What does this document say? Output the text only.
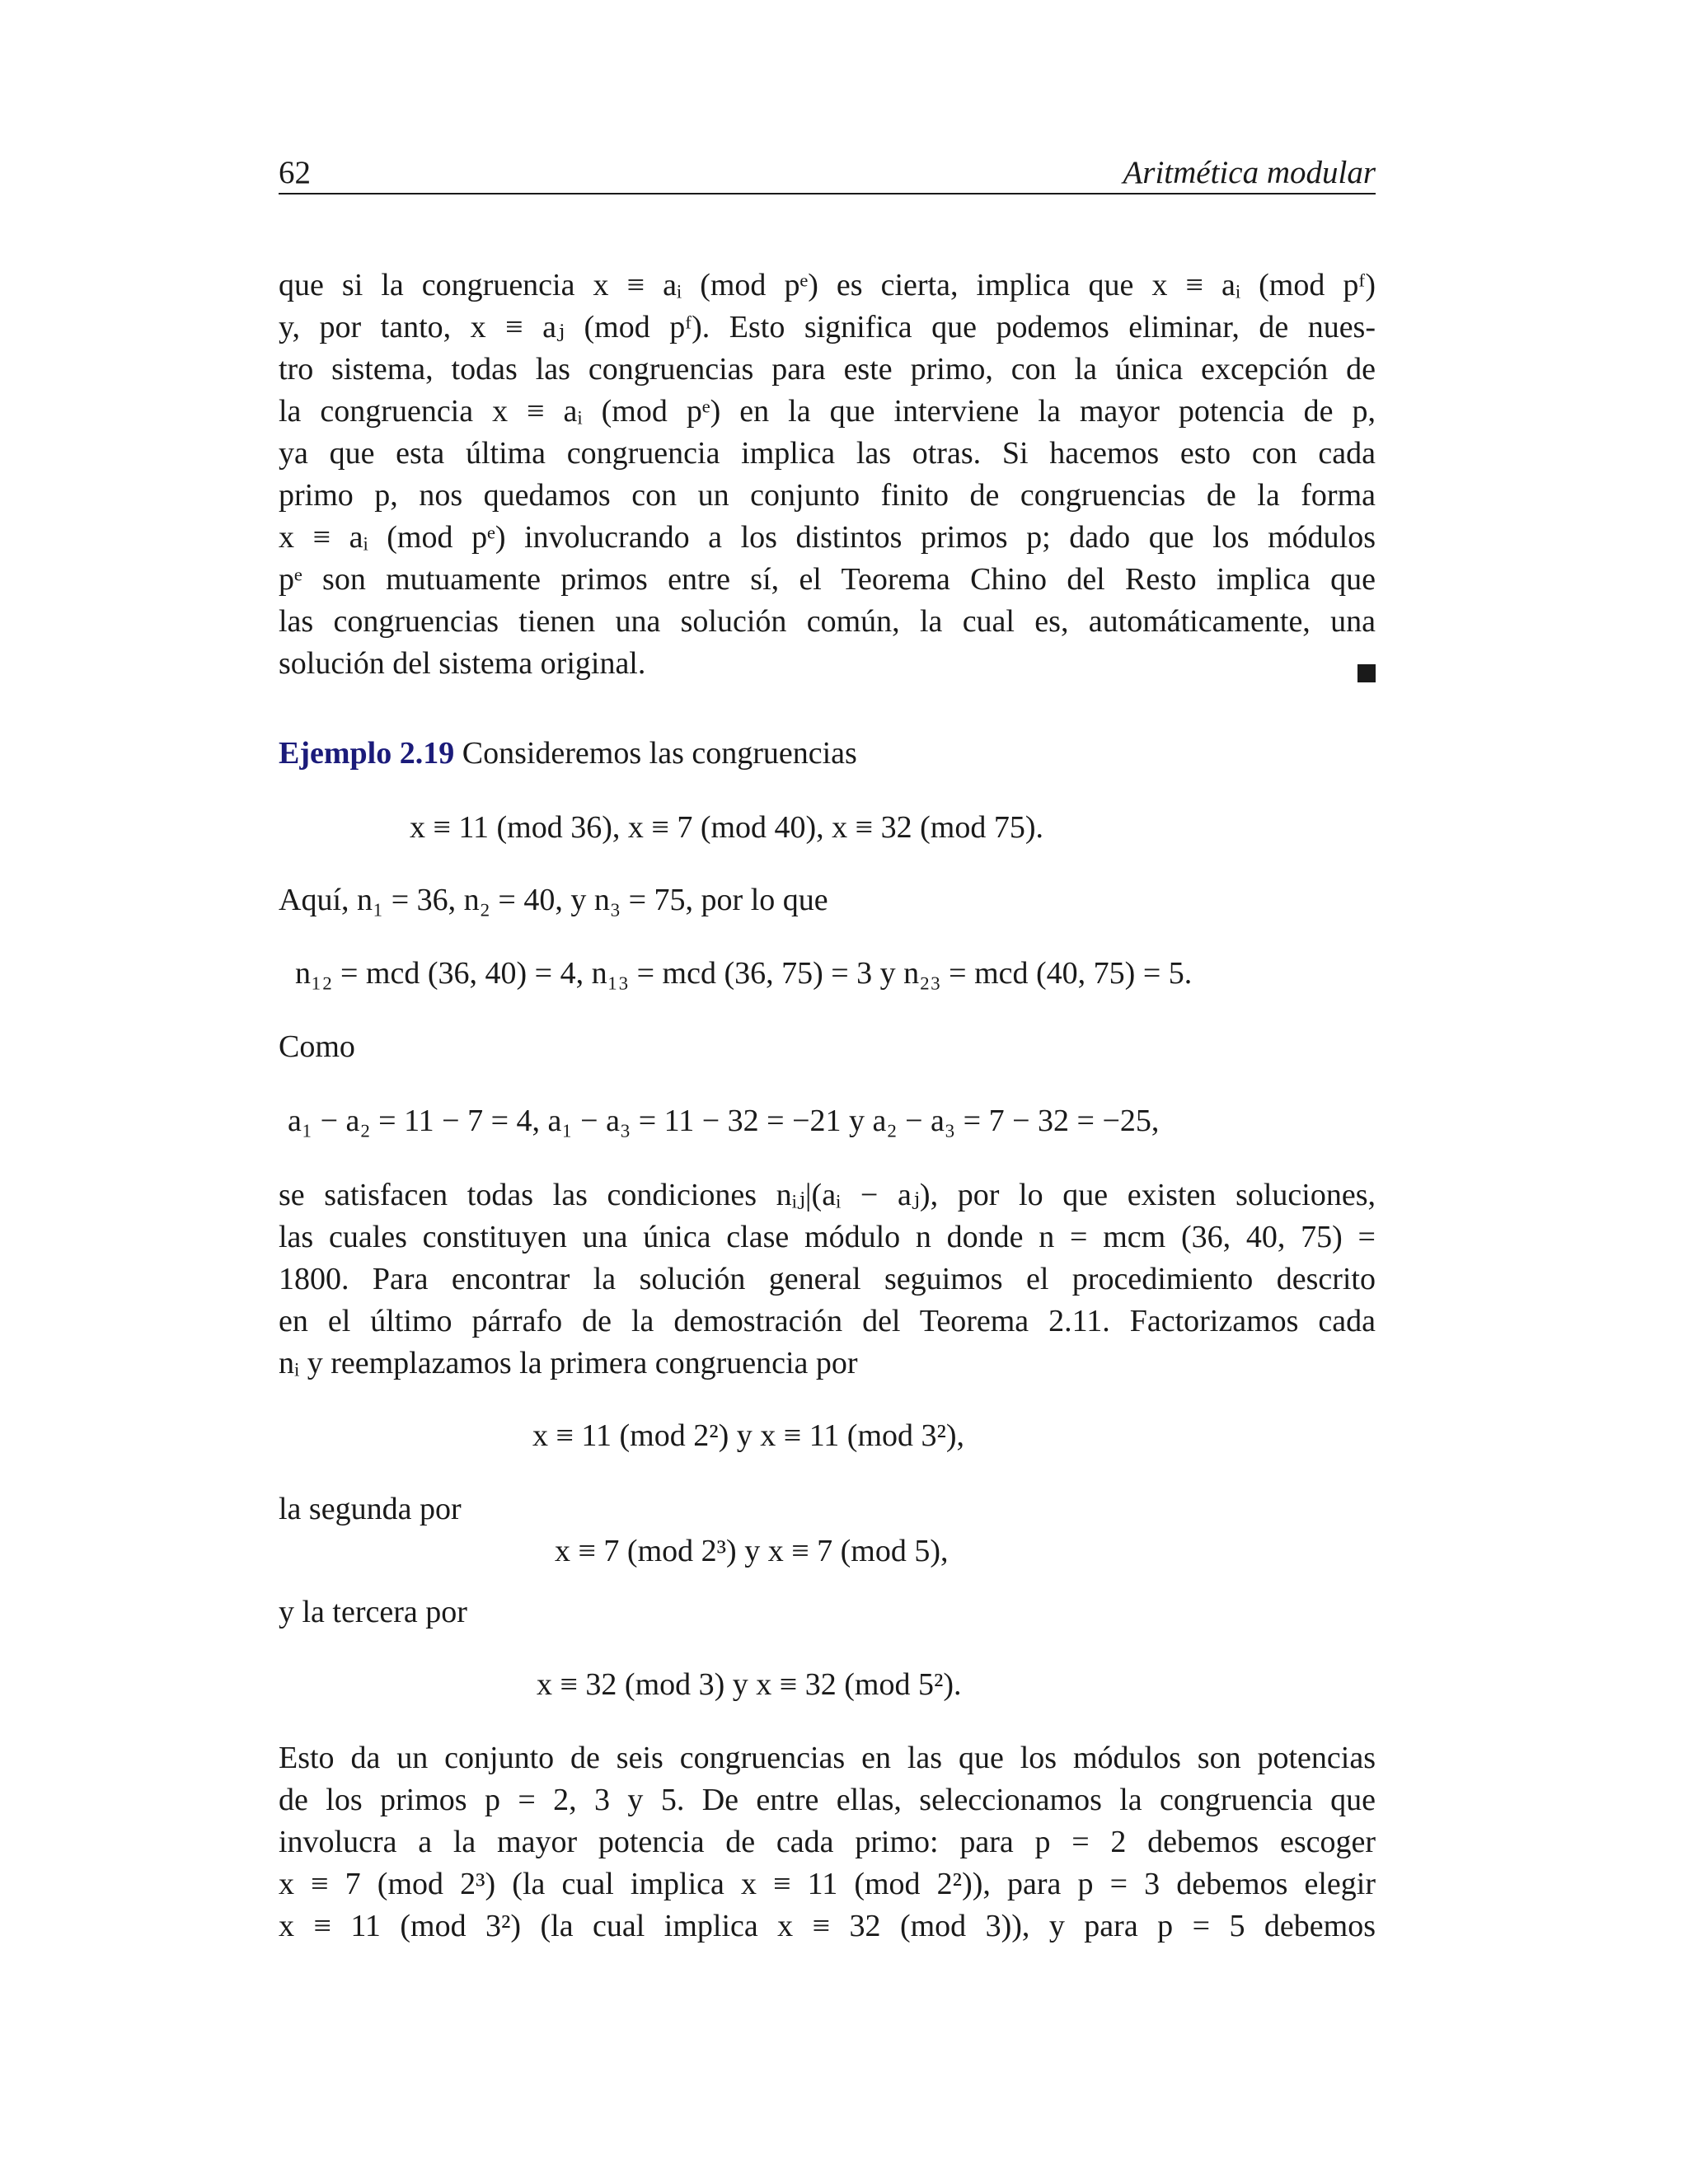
62	Aritmética modular
que si la congruencia x ≡ aᵢ (mod pᵉ) es cierta, implica que x ≡ aᵢ (mod pᶠ)
y, por tanto, x ≡ aⱼ (mod pᶠ). Esto significa que podemos eliminar, de nues-
tro sistema, todas las congruencias para este primo, con la única excepción de
la congruencia x ≡ aᵢ (mod pᵉ) en la que interviene la mayor potencia de p,
ya que esta última congruencia implica las otras. Si hacemos esto con cada
primo p, nos quedamos con un conjunto finito de congruencias de la forma
x ≡ aᵢ (mod pᵉ) involucrando a los distintos primos p; dado que los módulos
pᵉ son mutuamente primos entre sí, el Teorema Chino del Resto implica que
las congruencias tienen una solución común, la cual es, automáticamente, una
solución del sistema original.
Ejemplo 2.19 Consideremos las congruencias
x ≡ 11 (mod 36), x ≡ 7 (mod 40), x ≡ 32 (mod 75).
Aquí, n₁ = 36, n₂ = 40, y n₃ = 75, por lo que
n₁₂ = mcd (36, 40) = 4, n₁₃ = mcd (36, 75) = 3 y n₂₃ = mcd (40, 75) = 5.
Como
a₁ − a₂ = 11 − 7 = 4, a₁ − a₃ = 11 − 32 = −21 y a₂ − a₃ = 7 − 32 = −25,
se satisfacen todas las condiciones nᵢⱼ|(aᵢ − aⱼ), por lo que existen soluciones,
las cuales constituyen una única clase módulo n donde n = mcm (36, 40, 75) =
1800. Para encontrar la solución general seguimos el procedimiento descrito
en el último párrafo de la demostración del Teorema 2.11. Factorizamos cada
nᵢ y reemplazamos la primera congruencia por
x ≡ 11 (mod 2²) y x ≡ 11 (mod 3²),
la segunda por
x ≡ 7 (mod 2³) y x ≡ 7 (mod 5),
y la tercera por
x ≡ 32 (mod 3) y x ≡ 32 (mod 5²).
Esto da un conjunto de seis congruencias en las que los módulos son potencias
de los primos p = 2, 3 y 5. De entre ellas, seleccionamos la congruencia que
involucra a la mayor potencia de cada primo: para p = 2 debemos escoger
x ≡ 7 (mod 2³) (la cual implica x ≡ 11 (mod 2²)), para p = 3 debemos elegir
x ≡ 11 (mod 3²) (la cual implica x ≡ 32 (mod 3)), y para p = 5 debemos
